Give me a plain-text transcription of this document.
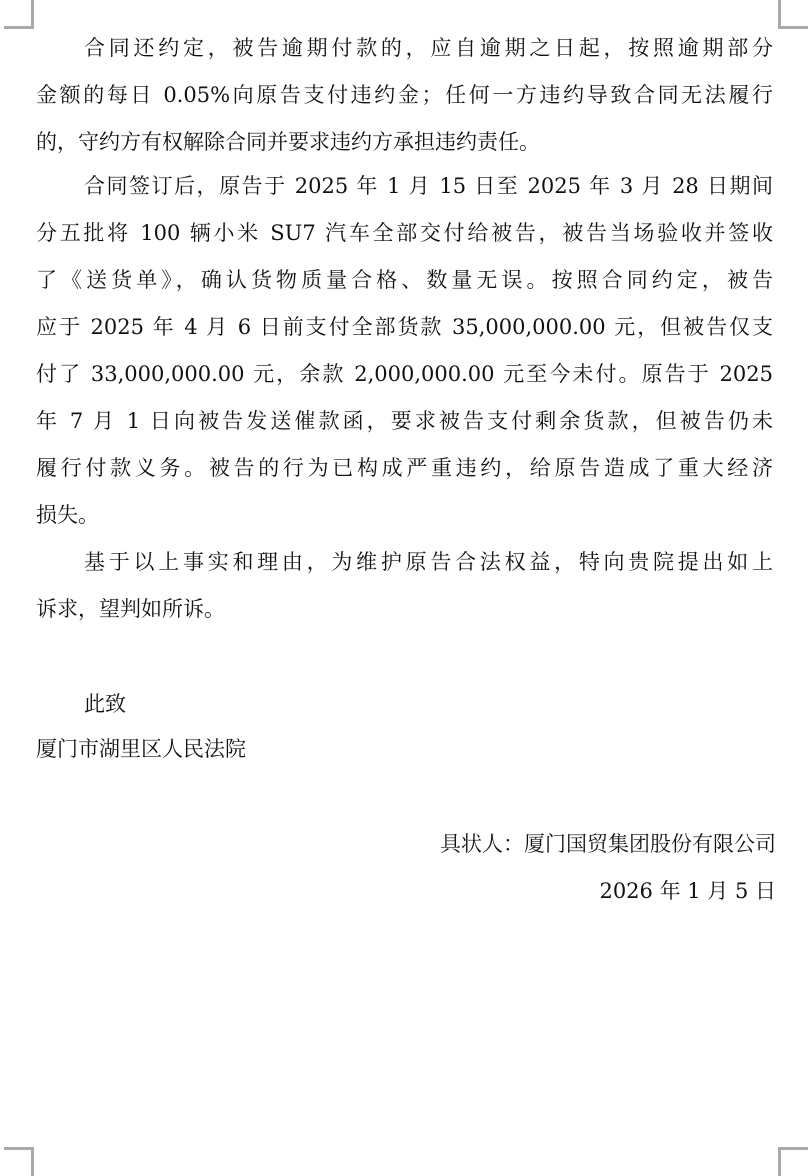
合同还约定，被告逾期付款的，应自逾期之日起，按照逾期部分
金额的每日 0.05%向原告支付违约金；任何一方违约导致合同无法履行
的，守约方有权解除合同并要求违约方承担违约责任。
合同签订后，原告于 2025 年 1 月 15 日至 2025 年 3 月 28 日期间
分五批将 100 辆小米 SU7 汽车全部交付给被告，被告当场验收并签收
了《送货单》，确认货物质量合格、数量无误。按照合同约定，被告
应于 2025 年 4 月 6 日前支付全部货款 35,000,000.00 元，但被告仅支
付了 33,000,000.00 元，余款 2,000,000.00 元至今未付。原告于 2025
年 7 月 1 日向被告发送催款函，要求被告支付剩余货款，但被告仍未
履行付款义务。被告的行为已构成严重违约，给原告造成了重大经济
损失。
基于以上事实和理由，为维护原告合法权益，特向贵院提出如上
诉求，望判如所诉。
此致
厦门市湖里区人民法院
具状人：厦门国贸集团股份有限公司
2026 年 1 月 5 日
